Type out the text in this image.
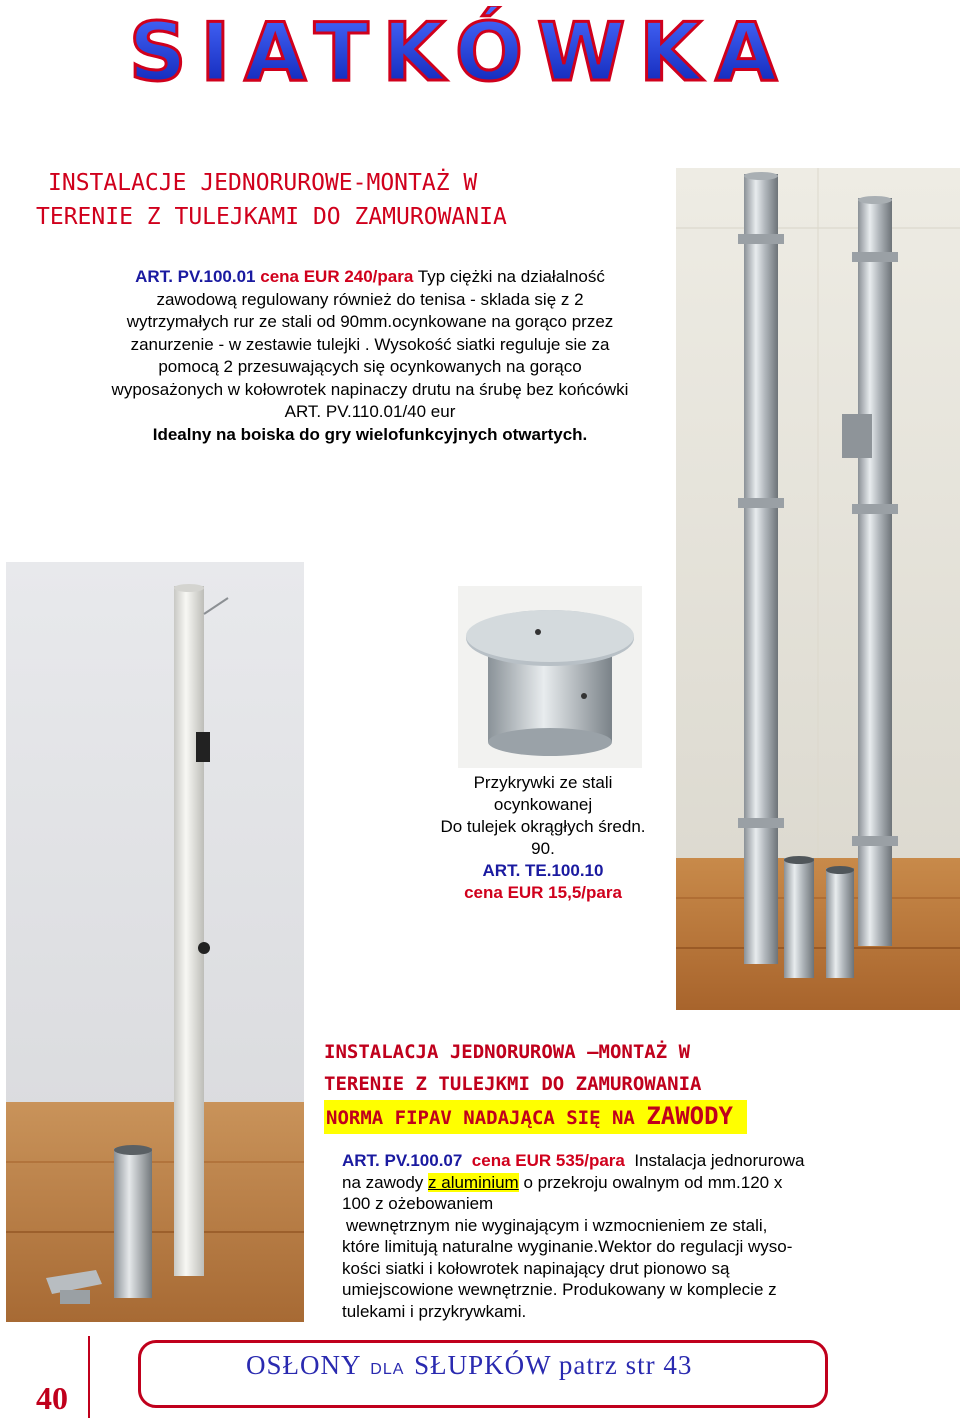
SIATKÓWKA
INSTALACJE JEDNORUROWE-MONTAŻ W
TERENIE Z TULEJKAMI DO ZAMUROWANIA
ART. PV.100.01 cena EUR 240/para Typ ciężki na działalność
zawodową regulowany również do tenisa - sklada się z 2
wytrzymałych rur ze stali od 90mm.ocynkowane na gorąco przez
zanurzenie - w zestawie tulejki . Wysokość siatki reguluje sie za
pomocą 2 przesuwających się ocynkowanych na gorąco
wyposażonych w kołowrotek napinaczy drutu na śrubę bez końcówki
ART. PV.110.01/40 eur
Idealny na boiska do gry wielofunkcyjnych otwartych.
Przykrywki ze stali
ocynkowanej
Do tulejek okrągłych średn.
90.
ART. TE.100.10
cena EUR 15,5/para
INSTALACJA JEDNORUROWA –MONTAŻ W
TERENIE Z TULEJKMI DO ZAMUROWANIA
NORMA FIPAV NADAJĄCA SIĘ NA ZAWODY
ART. PV.100.07 cena EUR 535/para Instalacja jednorurowa
na zawody z aluminium o przekroju owalnym od mm.120 x
100 z ożebowaniem
wewnętrznym nie wyginającym i wzmocnieniem ze stali,
które limitują naturalne wyginanie.Wektor do regulacji wyso-
kości siatki i kołowrotek napinający drut pionowo są
umiejscowione wewnętrznie. Produkowany w komplecie z
tulekami i przykrywkami.
OSŁONY DLA SŁUPKÓW patrz str 43
40
